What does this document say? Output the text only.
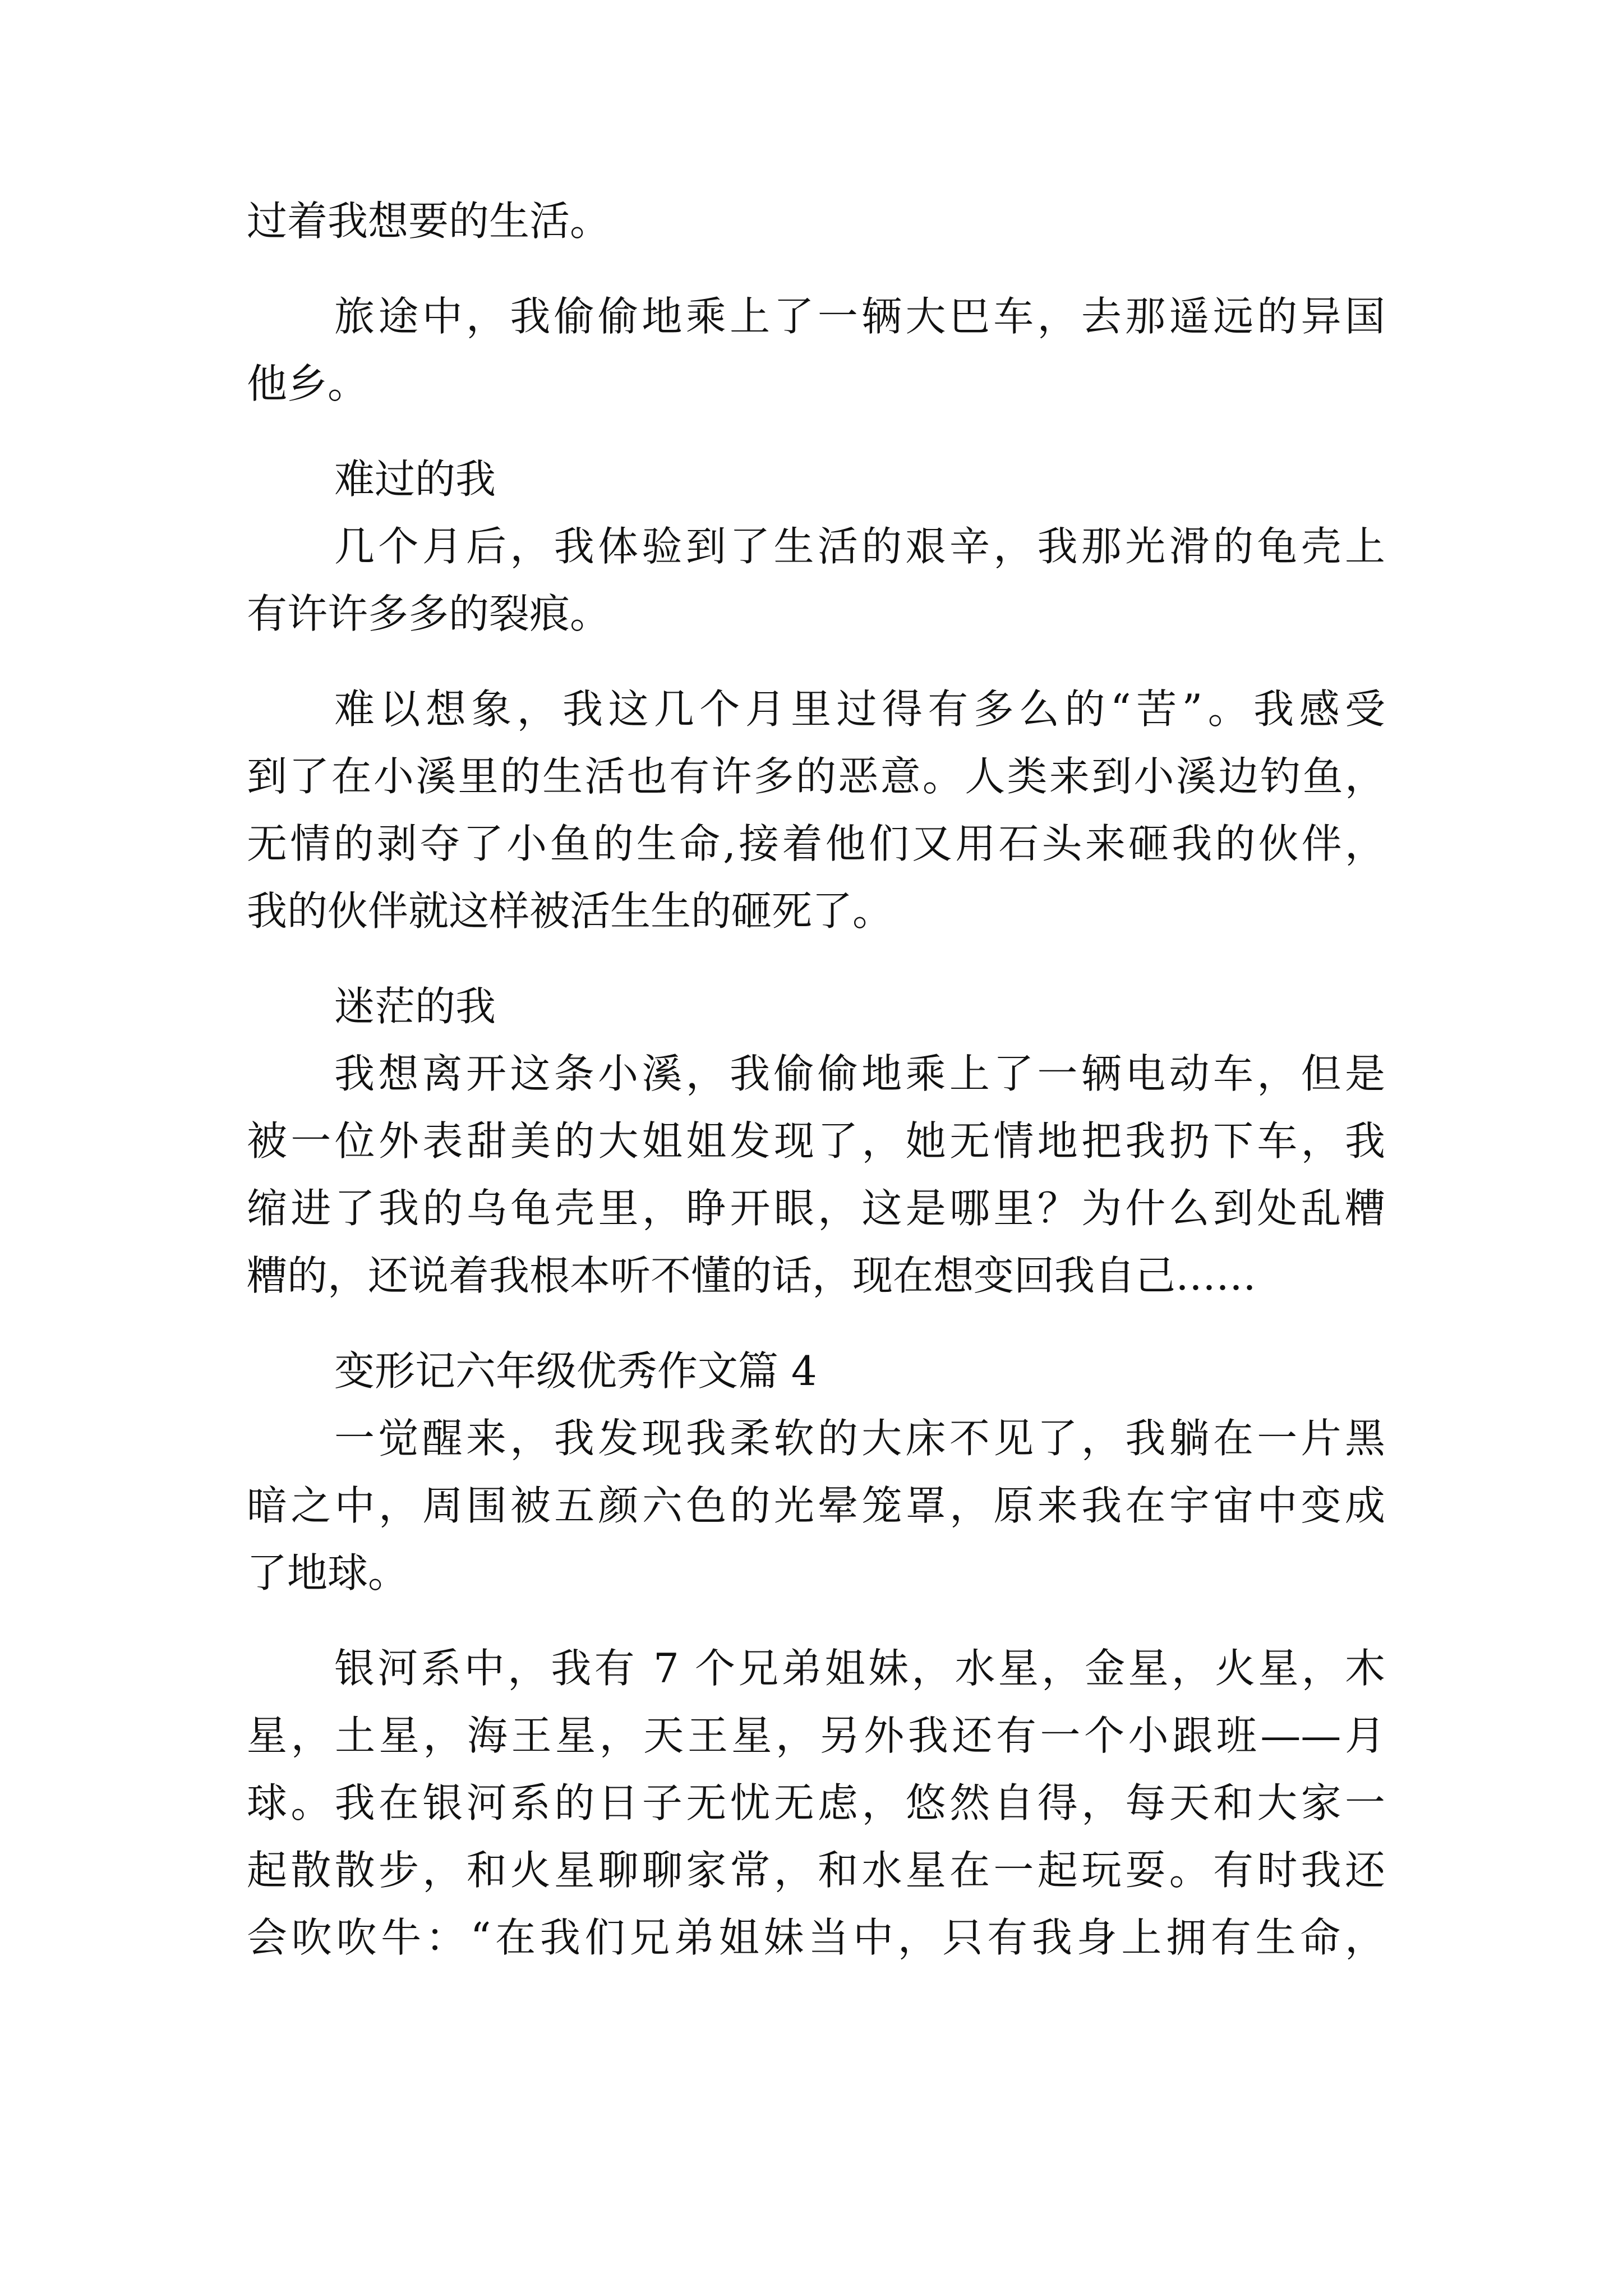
过着我想要的生活。
旅途中，我偷偷地乘上了一辆大巴车，去那遥远的异国
他乡。
难过的我
几个月后，我体验到了生活的艰辛，我那光滑的龟壳上
有许许多多的裂痕。
难以想象，我这几个月里过得有多么的“苦”。我感受
到了在小溪里的生活也有许多的恶意。人类来到小溪边钓鱼，
无情的剥夺了小鱼的生命,接着他们又用石头来砸我的伙伴，
我的伙伴就这样被活生生的砸死了。
迷茫的我
我想离开这条小溪，我偷偷地乘上了一辆电动车，但是
被一位外表甜美的大姐姐发现了，她无情地把我扔下车，我
缩进了我的乌龟壳里，睁开眼，这是哪里？为什么到处乱糟
糟的，还说着我根本听不懂的话，现在想变回我自己……
变形记六年级优秀作文篇 4
一觉醒来，我发现我柔软的大床不见了，我躺在一片黑
暗之中，周围被五颜六色的光晕笼罩，原来我在宇宙中变成
了地球。
银河系中，我有 7 个兄弟姐妹，水星，金星，火星，木
星，土星，海王星，天王星，另外我还有一个小跟班——月
球。我在银河系的日子无忧无虑，悠然自得，每天和大家一
起散散步，和火星聊聊家常，和水星在一起玩耍。有时我还
会吹吹牛：“在我们兄弟姐妹当中，只有我身上拥有生命，
